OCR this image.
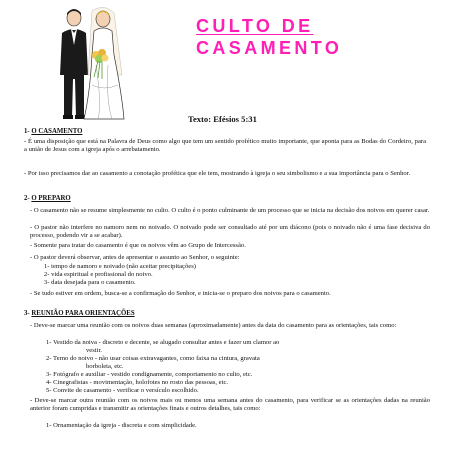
CULTO DE
CASAMENTO
Texto: Efésios 5:31
1- O CASAMENTO

- É uma disposição que está na Palavra de Deus como algo que tem um sentido profético muito importante, que aponta para as Bodas do Cordeiro, para a união de Jesus com a igreja após o arrebatamento.

- Por isso precisamos dar ao casamento a conotação profética que ele tem, mostrando à igreja o seu simbolismo e a sua importância para o Senhor.

2- O PREPARO

- O casamento não se resume simplesmente no culto. O culto é o ponto culminante de um processo que se inicia na decisão dos noivos em querer casar.

- O pastor não interfere no namoro nem no noivado. O noivado pode ser consultado até por um diácono (pois o noivado não é uma fase decisiva do processo, podendo vir a se acabar).

- Somente para tratar do casamento é que os noivos vêm ao Grupo de Intercessão.

- O pastor deverá observar, antes de apresentar o assunto ao Senhor, o seguinte:

1- tempo de namoro e noivado (não aceitar precipitações)
2- vida espiritual e profissional do noivo.
3- data desejada para o casamento.

- Se tudo estiver em ordem, busca-se a confirmação do Senhor, e inicia-se o preparo dos noivos para o casamento.

3- REUNIÃO PARA ORIENTAÇÕES

- Deve-se marcar uma reunião com os noivos duas semanas (aproximadamente) antes da data do casamento para as orientações, tais como:

1- Vestido da noiva - discreto e decente, se alugado consultar antes e fazer um clamor ao
vestir.
2- Terno do noivo - não usar coisas extravagantes, como faixa na cintura, gravata
borboleta, etc.
3- Fotógrafo e auxiliar - vestido condignamente, comportamento no culto, etc.
4- Cinegrafistas - movimentação, holofotes no rosto das pessoas, etc.
5- Convite de casamento - verificar o versículo escolhido.

- Deve-se marcar outra reunião com os noivos mais ou menos uma semana antes do casamento, para verificar se as orientações dadas na reunião anterior foram cumpridas e transmitir as orientações finais e outros detalhes, tais como:

1- Ornamentação da igreja - discreta e com simplicidade.
